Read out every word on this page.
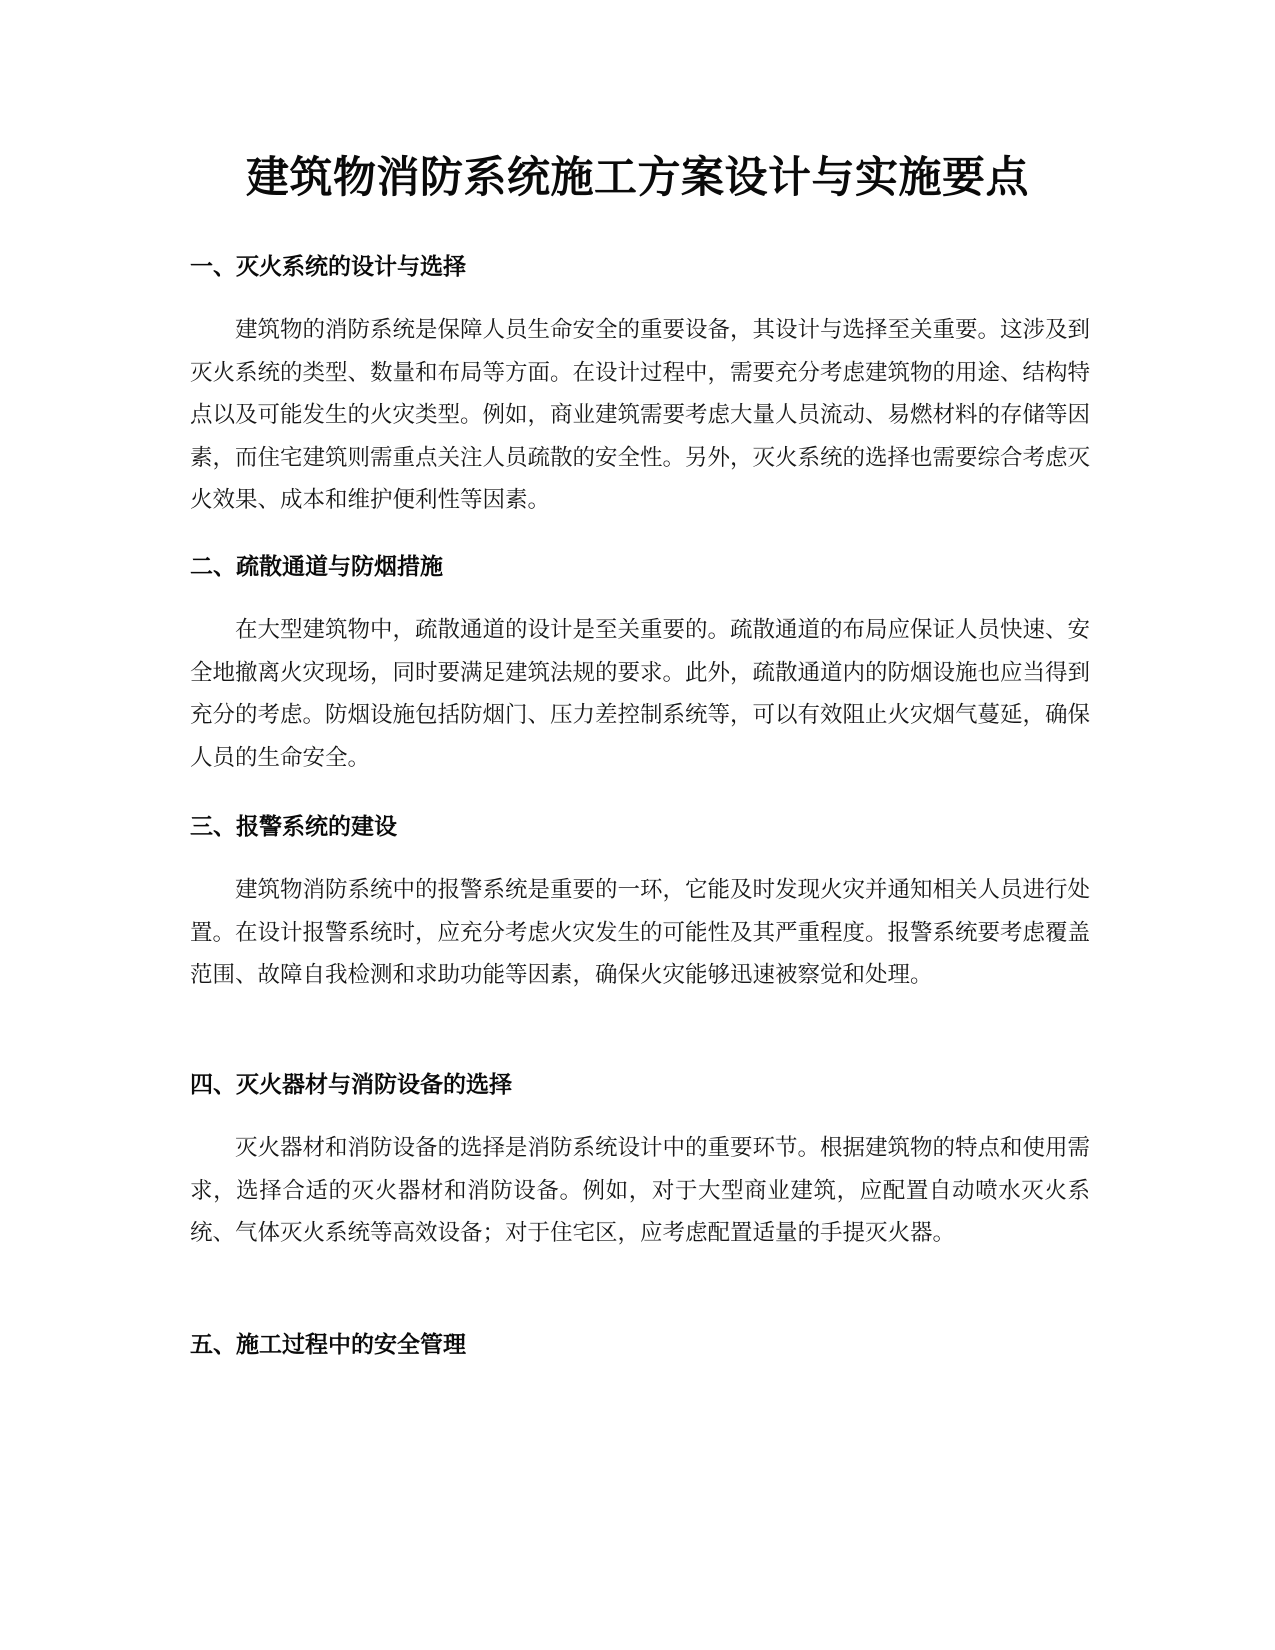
建筑物消防系统施工方案设计与实施要点
一、灭火系统的设计与选择

建筑物的消防系统是保障人员生命安全的重要设备，其设计与选择至关重要。这涉及到灭火系统的类型、数量和布局等方面。在设计过程中，需要充分考虑建筑物的用途、结构特点以及可能发生的火灾类型。例如，商业建筑需要考虑大量人员流动、易燃材料的存储等因素，而住宅建筑则需重点关注人员疏散的安全性。另外，灭火系统的选择也需要综合考虑灭火效果、成本和维护便利性等因素。

二、疏散通道与防烟措施

在大型建筑物中，疏散通道的设计是至关重要的。疏散通道的布局应保证人员快速、安全地撤离火灾现场，同时要满足建筑法规的要求。此外，疏散通道内的防烟设施也应当得到充分的考虑。防烟设施包括防烟门、压力差控制系统等，可以有效阻止火灾烟气蔓延，确保人员的生命安全。

三、报警系统的建设

建筑物消防系统中的报警系统是重要的一环，它能及时发现火灾并通知相关人员进行处置。在设计报警系统时，应充分考虑火灾发生的可能性及其严重程度。报警系统要考虑覆盖范围、故障自我检测和求助功能等因素，确保火灾能够迅速被察觉和处理。

四、灭火器材与消防设备的选择

灭火器材和消防设备的选择是消防系统设计中的重要环节。根据建筑物的特点和使用需求，选择合适的灭火器材和消防设备。例如，对于大型商业建筑，应配置自动喷水灭火系统、气体灭火系统等高效设备；对于住宅区，应考虑配置适量的手提灭火器。

五、施工过程中的安全管理
